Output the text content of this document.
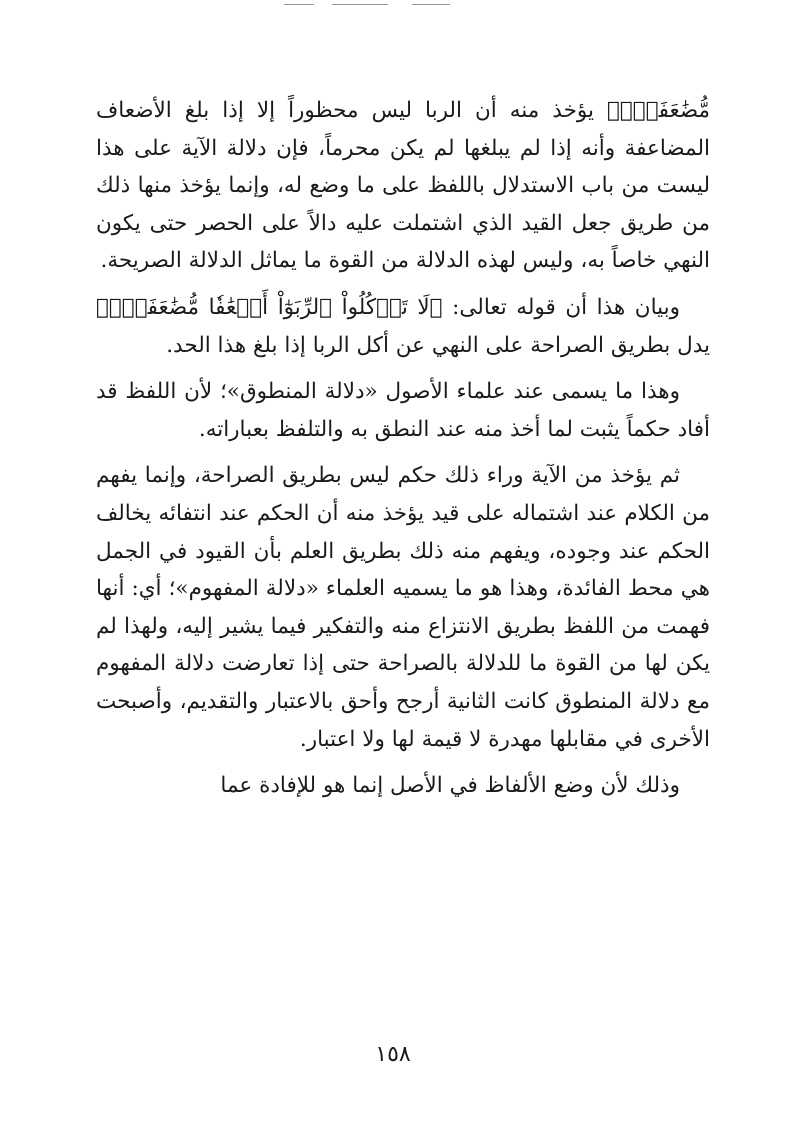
مُّضَٰعَفَةًۖ﴾ يؤخذ منه أن الربا ليس محظوراً إلا إذا بلغ الأضعاف المضاعفة وأنه إذا لم يبلغها لم يكن محرماً، فإن دلالة الآية على هذا ليست من باب الاستدلال باللفظ على ما وضع له، وإنما يؤخذ منها ذلك من طريق جعل القيد الذي اشتملت عليه دالاً على الحصر حتى يكون النهي خاصاً به، وليس لهذه الدلالة من القوة ما يماثل الدلالة الصريحة.

وبيان هذا أن قوله تعالى: ﴿لَا تَأۡكُلُواْ ٱلرِّبَوٰٓاْ أَضۡعَٰفٗا مُّضَٰعَفَةًۖ﴾ يدل بطريق الصراحة على النهي عن أكل الربا إذا بلغ هذا الحد.

وهذا ما يسمى عند علماء الأصول «دلالة المنطوق»؛ لأن اللفظ قد أفاد حكماً يثبت لما أخذ منه عند النطق به والتلفظ بعباراته.

ثم يؤخذ من الآية وراء ذلك حكم ليس بطريق الصراحة، وإنما يفهم من الكلام عند اشتماله على قيد يؤخذ منه أن الحكم عند انتفائه يخالف الحكم عند وجوده، ويفهم منه ذلك بطريق العلم بأن القيود في الجمل هي محط الفائدة، وهذا هو ما يسميه العلماء «دلالة المفهوم»؛ أي: أنها فهمت من اللفظ بطريق الانتزاع منه والتفكير فيما يشير إليه، ولهذا لم يكن لها من القوة ما للدلالة بالصراحة حتى إذا تعارضت دلالة المفهوم مع دلالة المنطوق كانت الثانية أرجح وأحق بالاعتبار والتقديم، وأصبحت الأخرى في مقابلها مهدرة لا قيمة لها ولا اعتبار.

وذلك لأن وضع الألفاظ في الأصل إنما هو للإفادة عما

١٥٨
